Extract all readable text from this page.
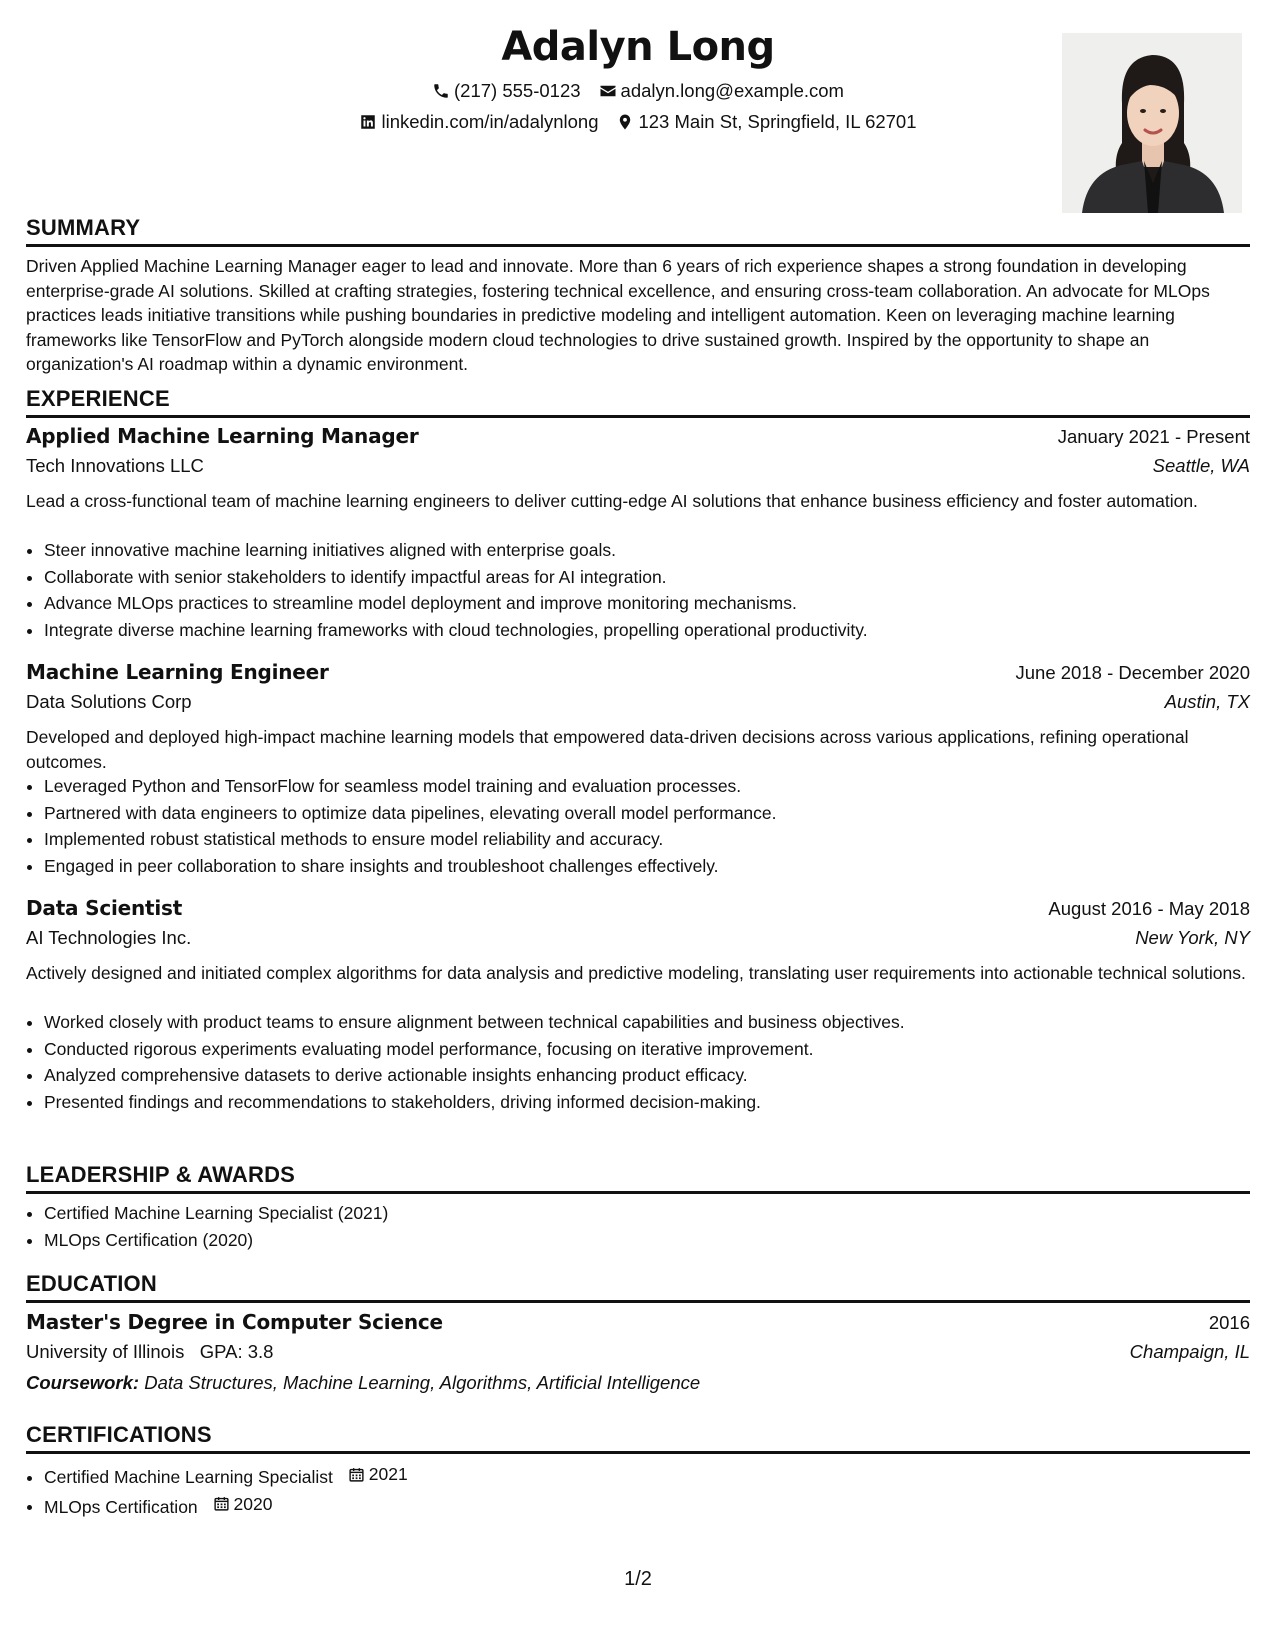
Adalyn Long
(217) 555-0123 adalyn.long@example.com
linkedin.com/in/adalynlong 123 Main St, Springfield, IL 62701
SUMMARY
Driven Applied Machine Learning Manager eager to lead and innovate. More than 6 years of rich experience shapes a strong foundation in developing enterprise-grade AI solutions. Skilled at crafting strategies, fostering technical excellence, and ensuring cross-team collaboration. An advocate for MLOps practices leads initiative transitions while pushing boundaries in predictive modeling and intelligent automation. Keen on leveraging machine learning frameworks like TensorFlow and PyTorch alongside modern cloud technologies to drive sustained growth. Inspired by the opportunity to shape an organization's AI roadmap within a dynamic environment.
EXPERIENCE
Applied Machine Learning Manager	January 2021 - Present
Tech Innovations LLC	Seattle, WA
Lead a cross-functional team of machine learning engineers to deliver cutting-edge AI solutions that enhance business efficiency and foster automation.
• Steer innovative machine learning initiatives aligned with enterprise goals.
• Collaborate with senior stakeholders to identify impactful areas for AI integration.
• Advance MLOps practices to streamline model deployment and improve monitoring mechanisms.
• Integrate diverse machine learning frameworks with cloud technologies, propelling operational productivity.
Machine Learning Engineer	June 2018 - December 2020
Data Solutions Corp	Austin, TX
Developed and deployed high-impact machine learning models that empowered data-driven decisions across various applications, refining operational outcomes.
• Leveraged Python and TensorFlow for seamless model training and evaluation processes.
• Partnered with data engineers to optimize data pipelines, elevating overall model performance.
• Implemented robust statistical methods to ensure model reliability and accuracy.
• Engaged in peer collaboration to share insights and troubleshoot challenges effectively.
Data Scientist	August 2016 - May 2018
AI Technologies Inc.	New York, NY
Actively designed and initiated complex algorithms for data analysis and predictive modeling, translating user requirements into actionable technical solutions.
• Worked closely with product teams to ensure alignment between technical capabilities and business objectives.
• Conducted rigorous experiments evaluating model performance, focusing on iterative improvement.
• Analyzed comprehensive datasets to derive actionable insights enhancing product efficacy.
• Presented findings and recommendations to stakeholders, driving informed decision-making.
LEADERSHIP & AWARDS
• Certified Machine Learning Specialist (2021)
• MLOps Certification (2020)
EDUCATION
Master's Degree in Computer Science	2016
University of Illinois GPA: 3.8	Champaign, IL
Coursework:
Data Structures, Machine Learning, Algorithms, Artificial Intelligence
CERTIFICATIONS
• Certified Machine Learning Specialist 2021
• MLOps Certification 2020
1/2
